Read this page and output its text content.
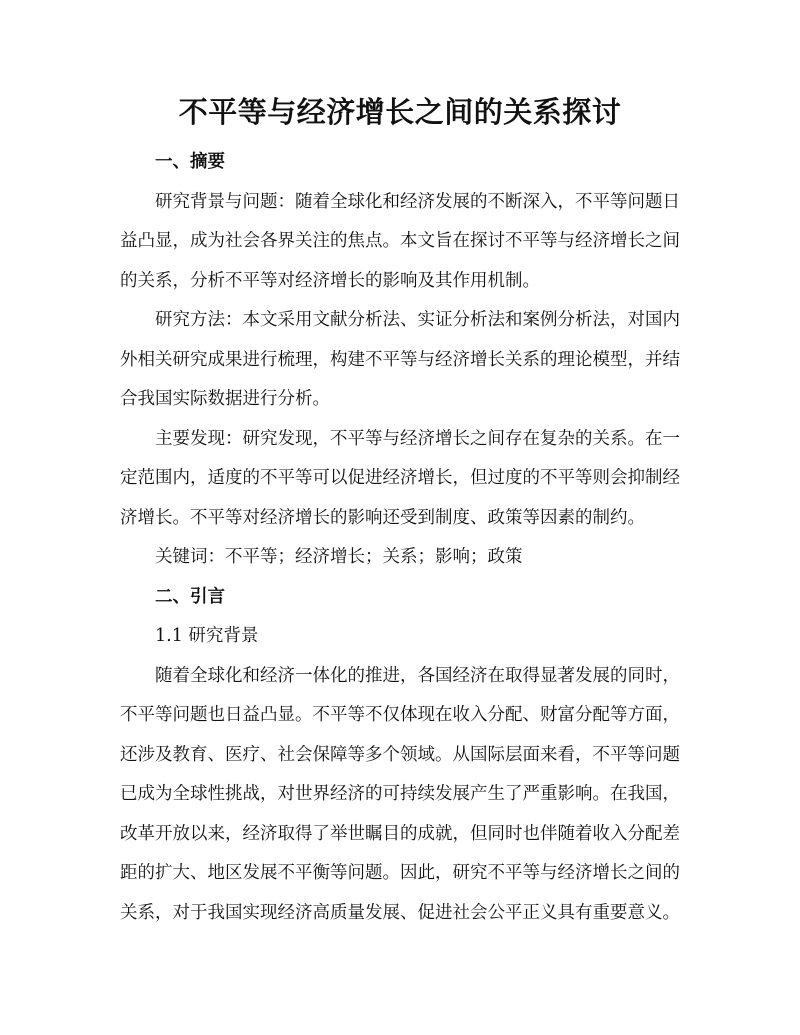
不平等与经济增长之间的关系探讨
一、摘要

研究背景与问题：随着全球化和经济发展的不断深入，不平等问题日益凸显，成为社会各界关注的焦点。本文旨在探讨不平等与经济增长之间的关系，分析不平等对经济增长的影响及其作用机制。

研究方法：本文采用文献分析法、实证分析法和案例分析法，对国内外相关研究成果进行梳理，构建不平等与经济增长关系的理论模型，并结合我国实际数据进行分析。

主要发现：研究发现，不平等与经济增长之间存在复杂的关系。在一定范围内，适度的不平等可以促进经济增长，但过度的不平等则会抑制经济增长。不平等对经济增长的影响还受到制度、政策等因素的制约。

关键词：不平等；经济增长；关系；影响；政策

二、引言
1.1 研究背景

随着全球化和经济一体化的推进，各国经济在取得显著发展的同时，不平等问题也日益凸显。不平等不仅体现在收入分配、财富分配等方面，还涉及教育、医疗、社会保障等多个领域。从国际层面来看，不平等问题已成为全球性挑战，对世界经济的可持续发展产生了严重影响。在我国，改革开放以来，经济取得了举世瞩目的成就，但同时也伴随着收入分配差距的扩大、地区发展不平衡等问题。因此，研究不平等与经济增长之间的关系，对于我国实现经济高质量发展、促进社会公平正义具有重要意义。
